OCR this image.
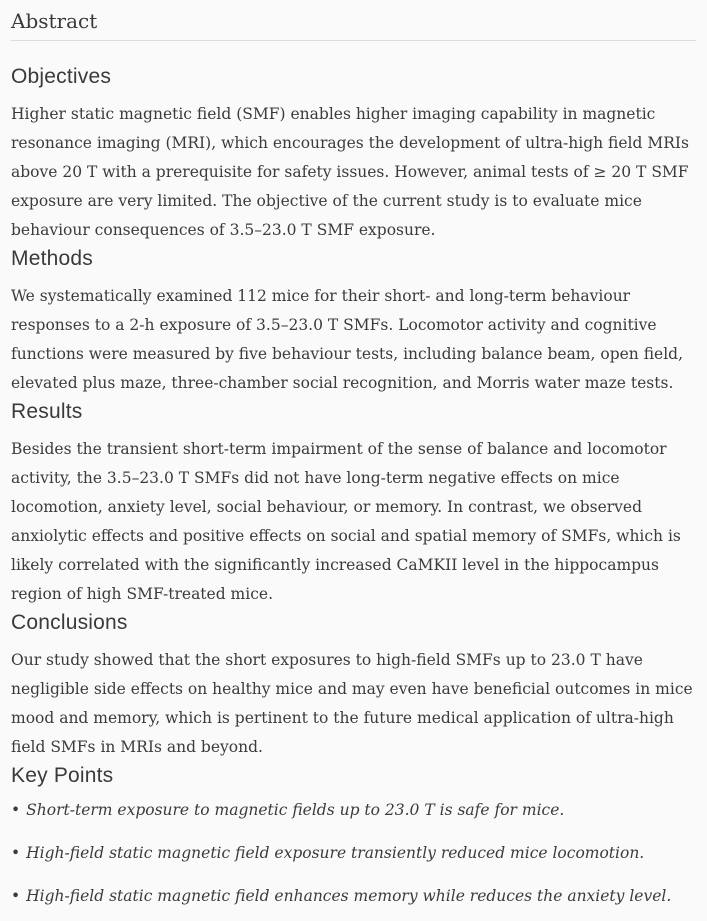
Abstract
Objectives

Higher static magnetic field (SMF) enables higher imaging capability in magnetic resonance imaging (MRI), which encourages the development of ultra-high field MRIs above 20 T with a prerequisite for safety issues. However, animal tests of ≥ 20 T SMF exposure are very limited. The objective of the current study is to evaluate mice behaviour consequences of 3.5–23.0 T SMF exposure.

Methods

We systematically examined 112 mice for their short- and long-term behaviour responses to a 2-h exposure of 3.5–23.0 T SMFs. Locomotor activity and cognitive functions were measured by five behaviour tests, including balance beam, open field, elevated plus maze, three-chamber social recognition, and Morris water maze tests.

Results

Besides the transient short-term impairment of the sense of balance and locomotor activity, the 3.5–23.0 T SMFs did not have long-term negative effects on mice locomotion, anxiety level, social behaviour, or memory. In contrast, we observed anxiolytic effects and positive effects on social and spatial memory of SMFs, which is likely correlated with the significantly increased CaMKII level in the hippocampus region of high SMF-treated mice.

Conclusions

Our study showed that the short exposures to high-field SMFs up to 23.0 T have negligible side effects on healthy mice and may even have beneficial outcomes in mice mood and memory, which is pertinent to the future medical application of ultra-high field SMFs in MRIs and beyond.

Key Points

• Short-term exposure to magnetic fields up to 23.0 T is safe for mice.

• High-field static magnetic field exposure transiently reduced mice locomotion.

• High-field static magnetic field enhances memory while reduces the anxiety level.
